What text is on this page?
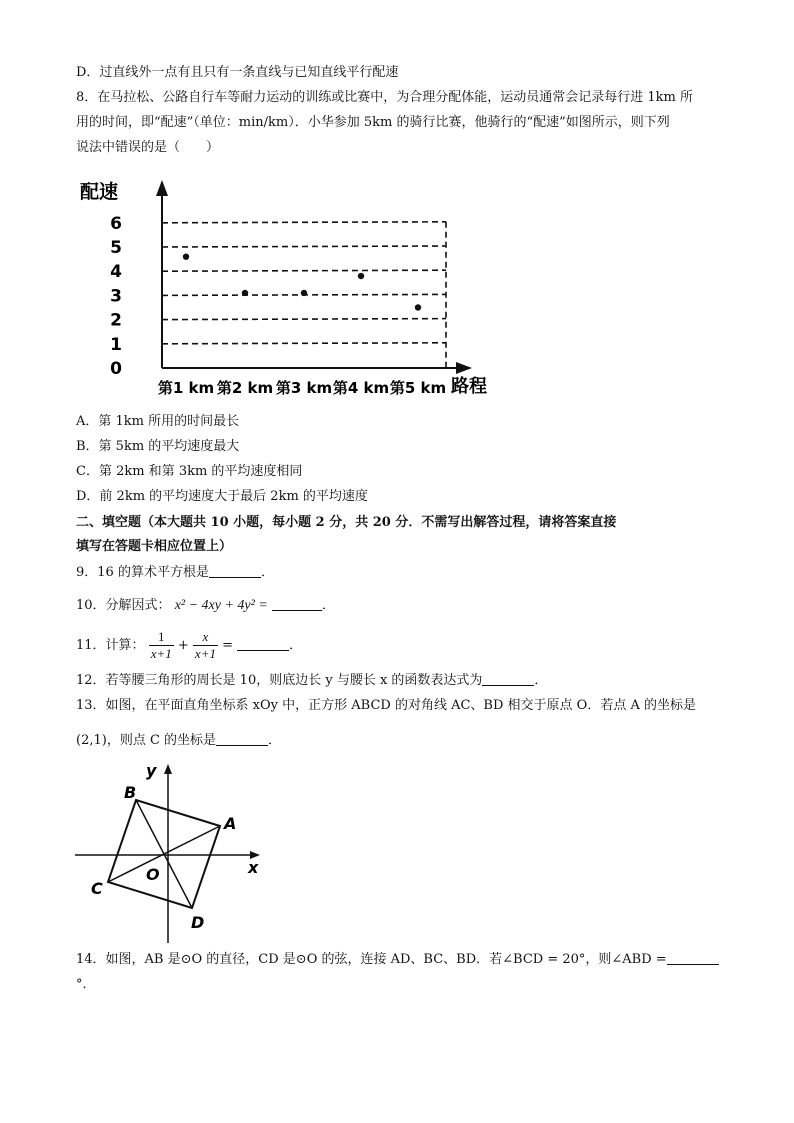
D．过直线外一点有且只有一条直线与已知直线平行配速
8．在马拉松、公路自行车等耐力运动的训练或比赛中，为合理分配体能，运动员通常会记录每行进 1km 所
用的时间，即“配速”（单位：min/km）．小华参加 5km 的骑行比赛，他骑行的“配速”如图所示，则下列
说法中错误的是（　　）
0
1
2
3
4
5
6
配速
第1 km 第2 km 第3 km 第4 km 第5 km 路程
A．第 1km 所用的时间最长
B．第 5km 的平均速度最大
C．第 2km 和第 3km 的平均速度相同
D．前 2km 的平均速度大于最后 2km 的平均速度
二、填空题（本大题共 10 小题，每小题 2 分，共 20 分．不需写出解答过程，请将答案直接
填写在答题卡相应位置上）
9．16 的算术平方根是	．
10．分解因式： x² − 4xy + 4y² =	．
11．计算： $\frac{1}{x+1} + \frac{x}{x+1}$ =	．
12．若等腰三角形的周长是 10，则底边长 y 与腰长 x 的函数表达式为	．
13．如图，在平面直角坐标系 xOy 中，正方形 ABCD 的对角线 AC、BD 相交于原点 O．若点 A 的坐标是
(2,1)，则点 C 的坐标是	．
x
y
O
A
B
C
D
14．如图，AB 是⊙O 的直径，CD 是⊙O 的弦，连接 AD、BC、BD．若∠BCD = 20°，则∠ABD =
°．
